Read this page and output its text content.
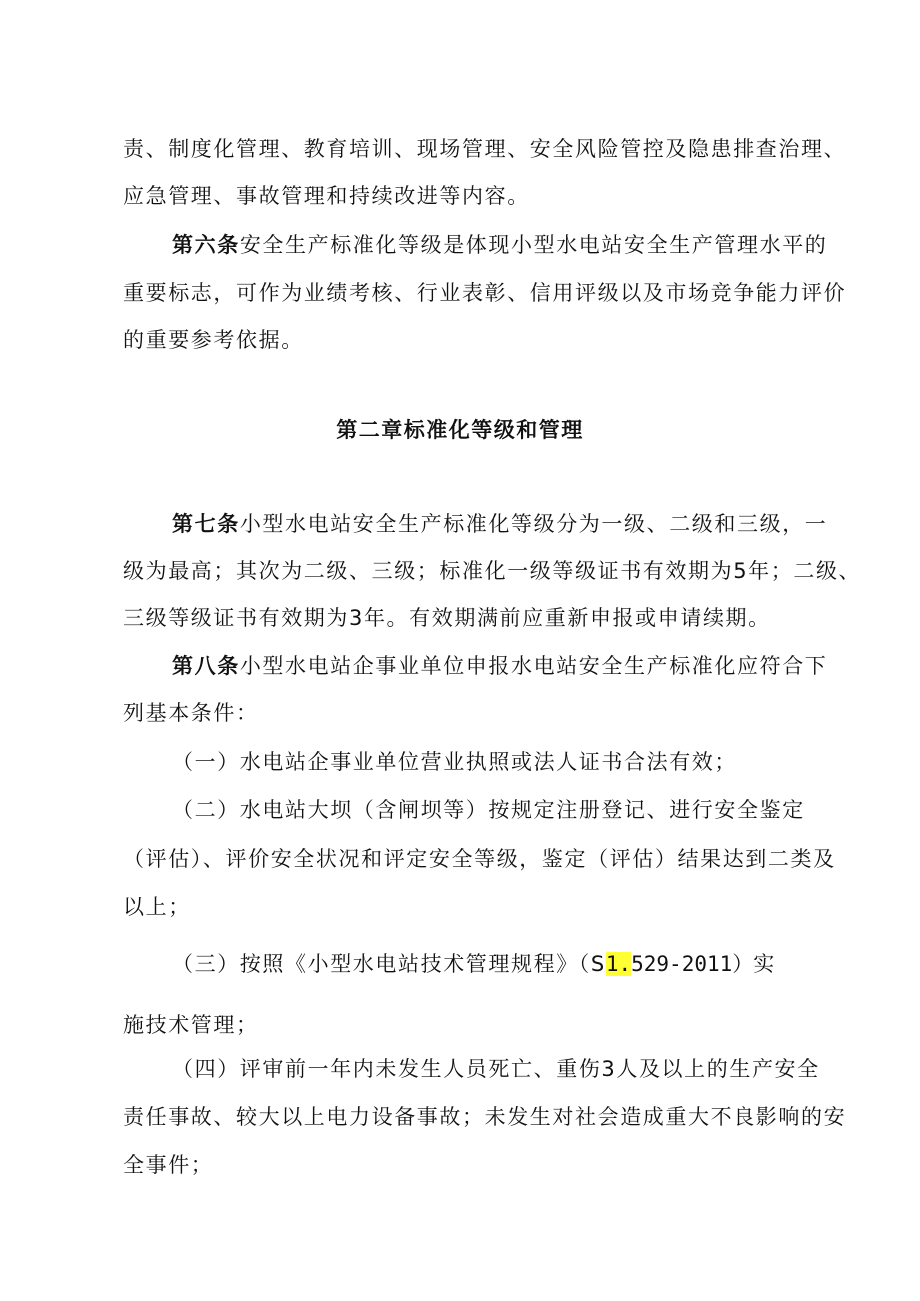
责、制度化管理、教育培训、现场管理、安全风险管控及隐患排查治理、
应急管理、事故管理和持续改进等内容。
第六条安全生产标准化等级是体现小型水电站安全生产管理水平的
重要标志，可作为业绩考核、行业表彰、信用评级以及市场竞争能力评价
的重要参考依据。
第二章标准化等级和管理
第七条小型水电站安全生产标准化等级分为一级、二级和三级，一
级为最高；其次为二级、三级；标准化一级等级证书有效期为5年；二级、
三级等级证书有效期为3年。有效期满前应重新申报或申请续期。
第八条小型水电站企事业单位申报水电站安全生产标准化应符合下
列基本条件：
（一）水电站企事业单位营业执照或法人证书合法有效；
（二）水电站大坝（含闸坝等）按规定注册登记、进行安全鉴定
（评估）、评价安全状况和评定安全等级，鉴定（评估）结果达到二类及
以上；
（三）按照《小型水电站技术管理规程》（S1.529-2011）实
施技术管理；
（四）评审前一年内未发生人员死亡、重伤3人及以上的生产安全
责任事故、较大以上电力设备事故；未发生对社会造成重大不良影响的安
全事件；
